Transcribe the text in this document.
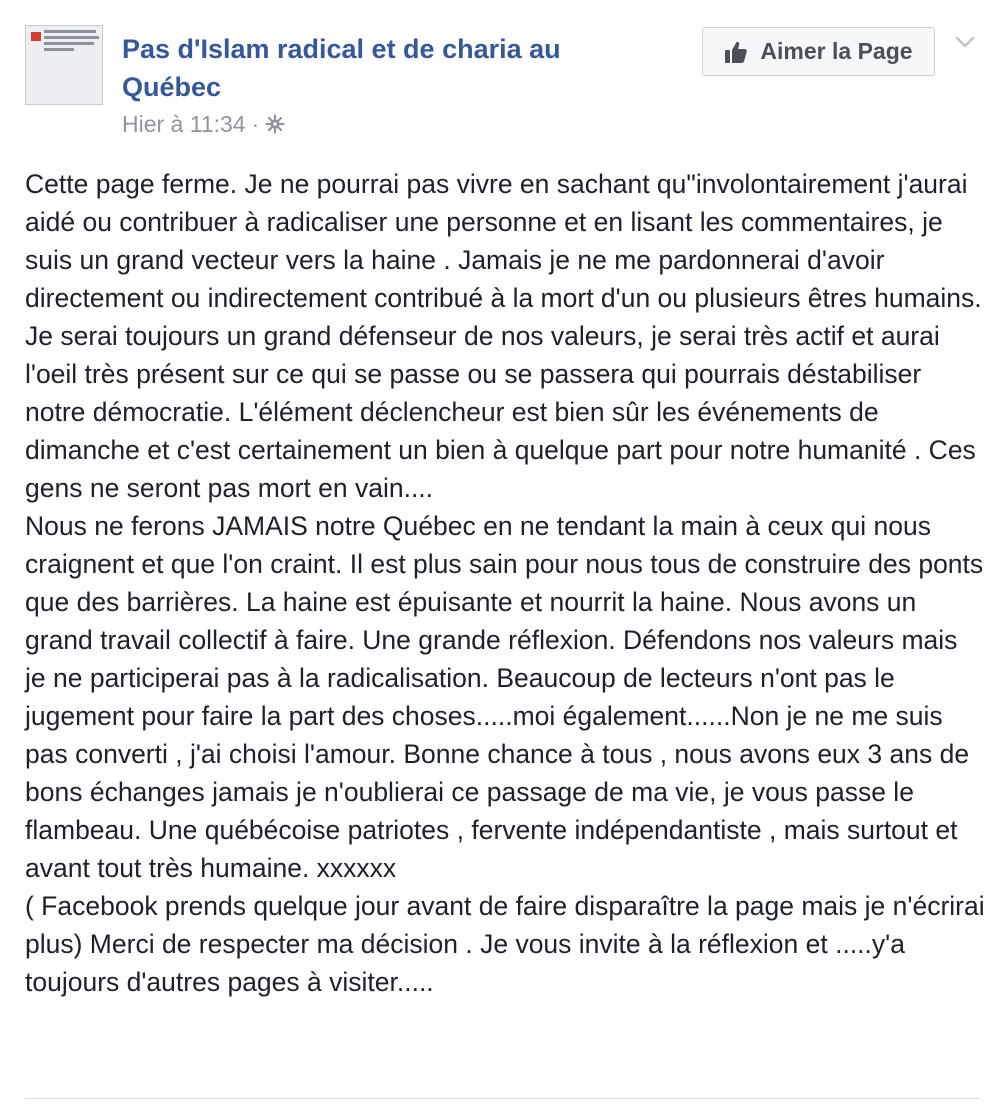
Pas d'Islam radical et de charia au Québec
Hier à 11:34 ·
Aimer la Page

Cette page ferme. Je ne pourrai pas vivre en sachant qu"involontairement j'aurai aidé ou contribuer à radicaliser une personne et en lisant les commentaires, je suis un grand vecteur vers la haine . Jamais je ne me pardonnerai d'avoir directement ou indirectement contribué à la mort d'un ou plusieurs êtres humains. Je serai toujours un grand défenseur de nos valeurs, je serai très actif et aurai l'oeil très présent sur ce qui se passe ou se passera qui pourrais déstabiliser notre démocratie. L'élément déclencheur est bien sûr les événements de dimanche et c'est certainement un bien à quelque part pour notre humanité . Ces gens ne seront pas mort en vain....
Nous ne ferons JAMAIS notre Québec en ne tendant la main à ceux qui nous craignent et que l'on craint. Il est plus sain pour nous tous de construire des ponts que des barrières. La haine est épuisante et nourrit la haine. Nous avons un grand travail collectif à faire. Une grande réflexion. Défendons nos valeurs mais je ne participerai pas à la radicalisation. Beaucoup de lecteurs n'ont pas le jugement pour faire la part des choses.....moi également......Non je ne me suis pas converti , j'ai choisi l'amour. Bonne chance à tous , nous avons eux 3 ans de bons échanges jamais je n'oublierai ce passage de ma vie, je vous passe le flambeau. Une québécoise patriotes , fervente indépendantiste , mais surtout et avant tout très humaine. xxxxxx
( Facebook prends quelque jour avant de faire disparaître la page mais je n'écrirai plus) Merci de respecter ma décision . Je vous invite à la réflexion et .....y'a toujours d'autres pages à visiter.....
